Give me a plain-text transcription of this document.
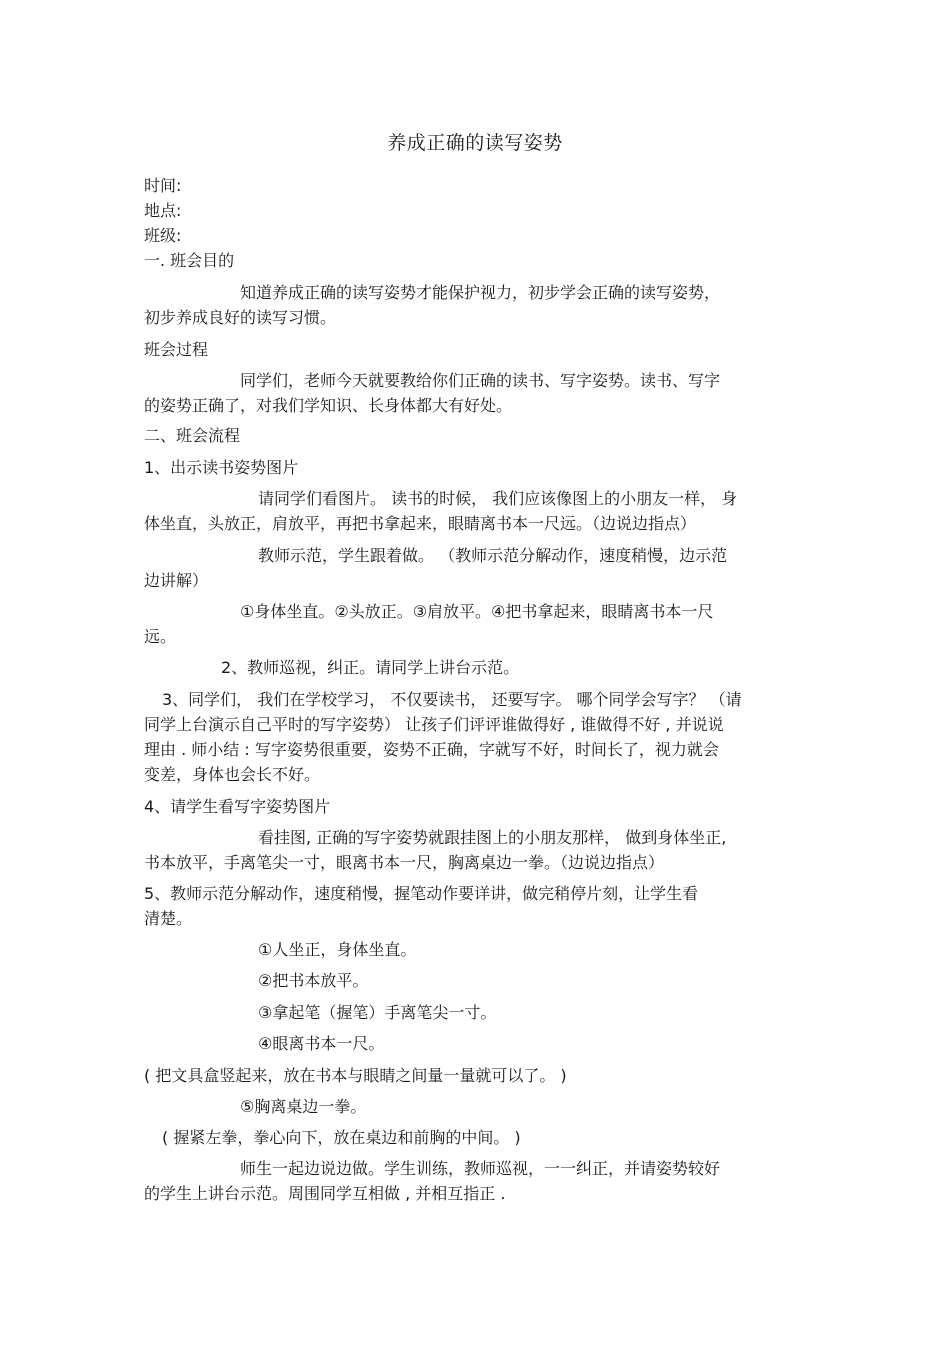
养成正确的读写姿势
时间:
地点:
班级:
一. 班会目的
知道养成正确的读写姿势才能保护视力，初步学会正确的读写姿势，
初步养成良好的读写习惯。
班会过程
同学们，老师今天就要教给你们正确的读书、写字姿势。读书、写字
的姿势正确了，对我们学知识、长身体都大有好处。
二、班会流程
1、出示读书姿势图片
请同学们看图片。 读书的时候， 我们应该像图上的小朋友一样， 身
体坐直，头放正，肩放平，再把书拿起来，眼睛离书本一尺远。（边说边指点）
教师示范，学生跟着做。 （教师示范分解动作，速度稍慢，边示范
边讲解）
①身体坐直。②头放正。③肩放平。④把书拿起来，眼睛离书本一尺
远。
2、教师巡视，纠正。请同学上讲台示范。
3、同学们， 我们在学校学习， 不仅要读书， 还要写字。 哪个同学会写字？ （请
同学上台演示自己平时的写字姿势） 让孩子们评评谁做得好 , 谁做得不好 , 并说说
理由 . 师小结 : 写字姿势很重要，姿势不正确，字就写不好，时间长了，视力就会
变差，身体也会长不好。
4、请学生看写字姿势图片
看挂图, 正确的写字姿势就跟挂图上的小朋友那样， 做到身体坐正,
书本放平，手离笔尖一寸，眼离书本一尺，胸离桌边一拳。（边说边指点）
5、教师示范分解动作，速度稍慢，握笔动作要详讲，做完稍停片刻，让学生看
清楚。
①人坐正，身体坐直。
②把书本放平。
③拿起笔（握笔）手离笔尖一寸。
④眼离书本一尺。
( 把文具盒竖起来，放在书本与眼睛之间量一量就可以了。 )
⑤胸离桌边一拳。
( 握紧左拳，拳心向下，放在桌边和前胸的中间。 )
师生一起边说边做。学生训练，教师巡视，一一纠正，并请姿势较好
的学生上讲台示范。周围同学互相做 , 并相互指正 .
